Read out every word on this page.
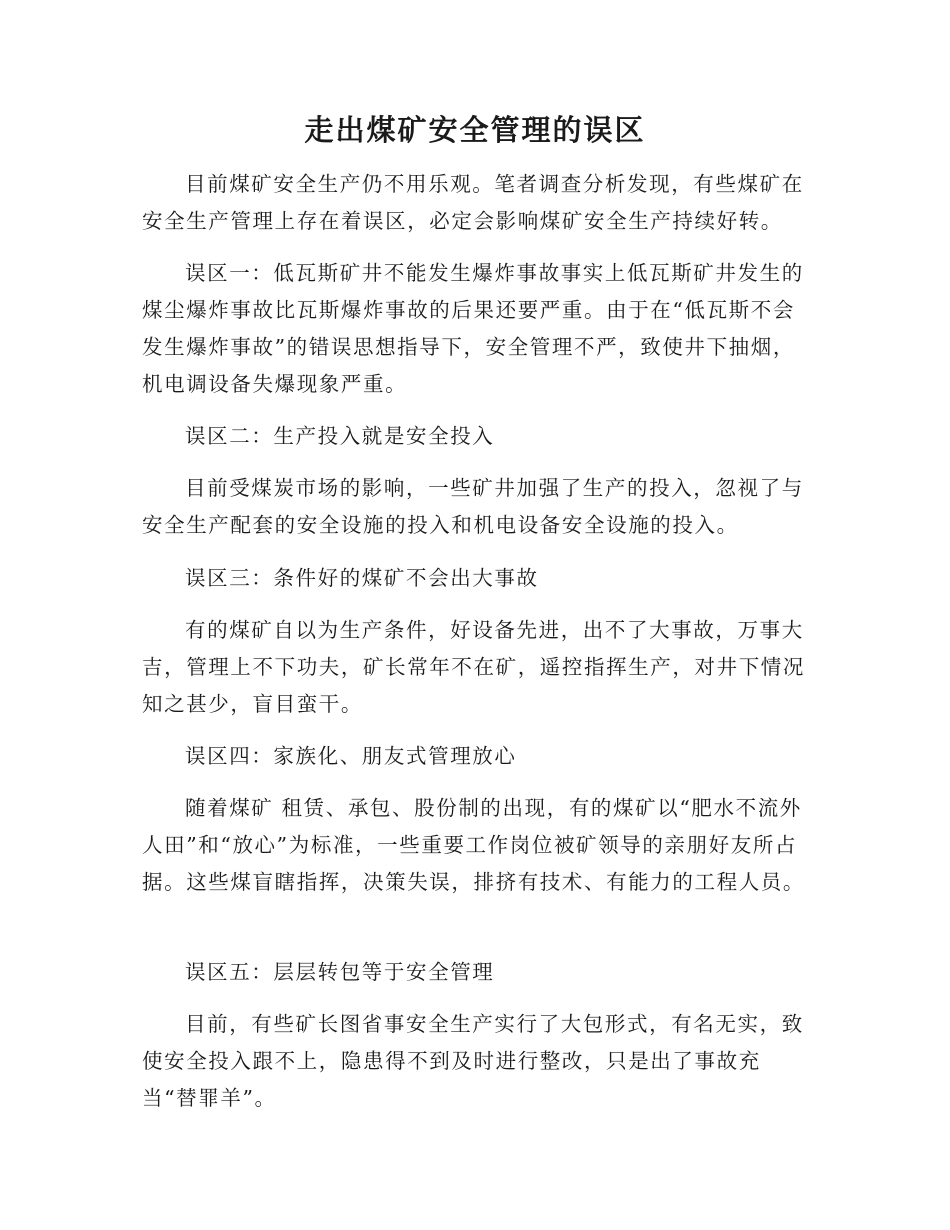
走出煤矿安全管理的误区

目前煤矿安全生产仍不用乐观。笔者调查分析发现，有些煤矿在安全生产管理上存在着误区，必定会影响煤矿安全生产持续好转。

误区一：低瓦斯矿井不能发生爆炸事故事实上低瓦斯矿井发生的煤尘爆炸事故比瓦斯爆炸事故的后果还要严重。由于在“低瓦斯不会发生爆炸事故”的错误思想指导下，安全管理不严，致使井下抽烟，机电调设备失爆现象严重。

误区二：生产投入就是安全投入

目前受煤炭市场的影响，一些矿井加强了生产的投入，忽视了与安全生产配套的安全设施的投入和机电设备安全设施的投入。

误区三：条件好的煤矿不会出大事故

有的煤矿自以为生产条件，好设备先进，出不了大事故，万事大吉，管理上不下功夫，矿长常年不在矿，遥控指挥生产，对井下情况知之甚少，盲目蛮干。

误区四：家族化、朋友式管理放心

随着煤矿 租赁、承包、股份制的出现，有的煤矿以“肥水不流外人田”和“放心”为标准，一些重要工作岗位被矿领导的亲朋好友所占据。这些煤盲瞎指挥，决策失误，排挤有技术、有能力的工程人员。

误区五：层层转包等于安全管理

目前，有些矿长图省事安全生产实行了大包形式，有名无实，致使安全投入跟不上，隐患得不到及时进行整改，只是出了事故充当“替罪羊”。
